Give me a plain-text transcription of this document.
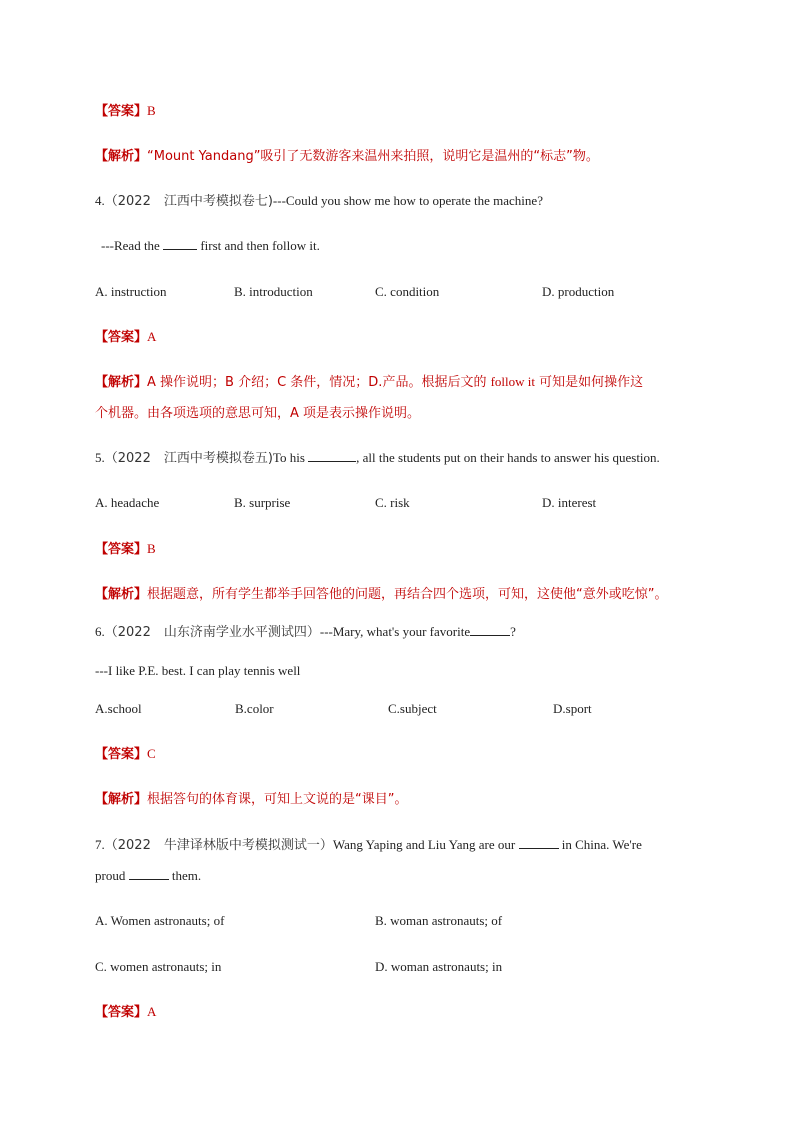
【答案】B
【解析】“Mount Yandang”吸引了无数游客来温州来拍照，说明它是温州的“标志”物。
4.（2022　江西中考模拟卷七)---Could you show me how to operate the machine?
---Read the	first and then follow it.
A. instruction	B. introduction	C. condition	D. production
【答案】A
【解析】A 操作说明；B 介绍；C 条件，情况；D.产品。根据后文的 follow it 可知是如何操作这
个机器。由各项选项的意思可知，A 项是表示操作说明。
5.（2022　江西中考模拟卷五)To his	, all the students put on their hands to answer his question.
A. headache	B. surprise	C. risk	D. interest
【答案】B
【解析】根据题意，所有学生都举手回答他的问题，再结合四个选项，可知，这使他“意外或吃惊”。
6.（2022　山东济南学业水平测试四）---Mary, what's your favorite	?
---I like P.E. best. I can play tennis well
A.school	B.color	C.subject	D.sport
【答案】C
【解析】根据答句的体育课，可知上文说的是“课目”。
7.（2022　牛津译林版中考模拟测试一）Wang Yaping and Liu Yang are our	in China. We're
proud	them.
A. Women astronauts; of	B. woman astronauts; of
C. women astronauts; in	D. woman astronauts; in
【答案】A
